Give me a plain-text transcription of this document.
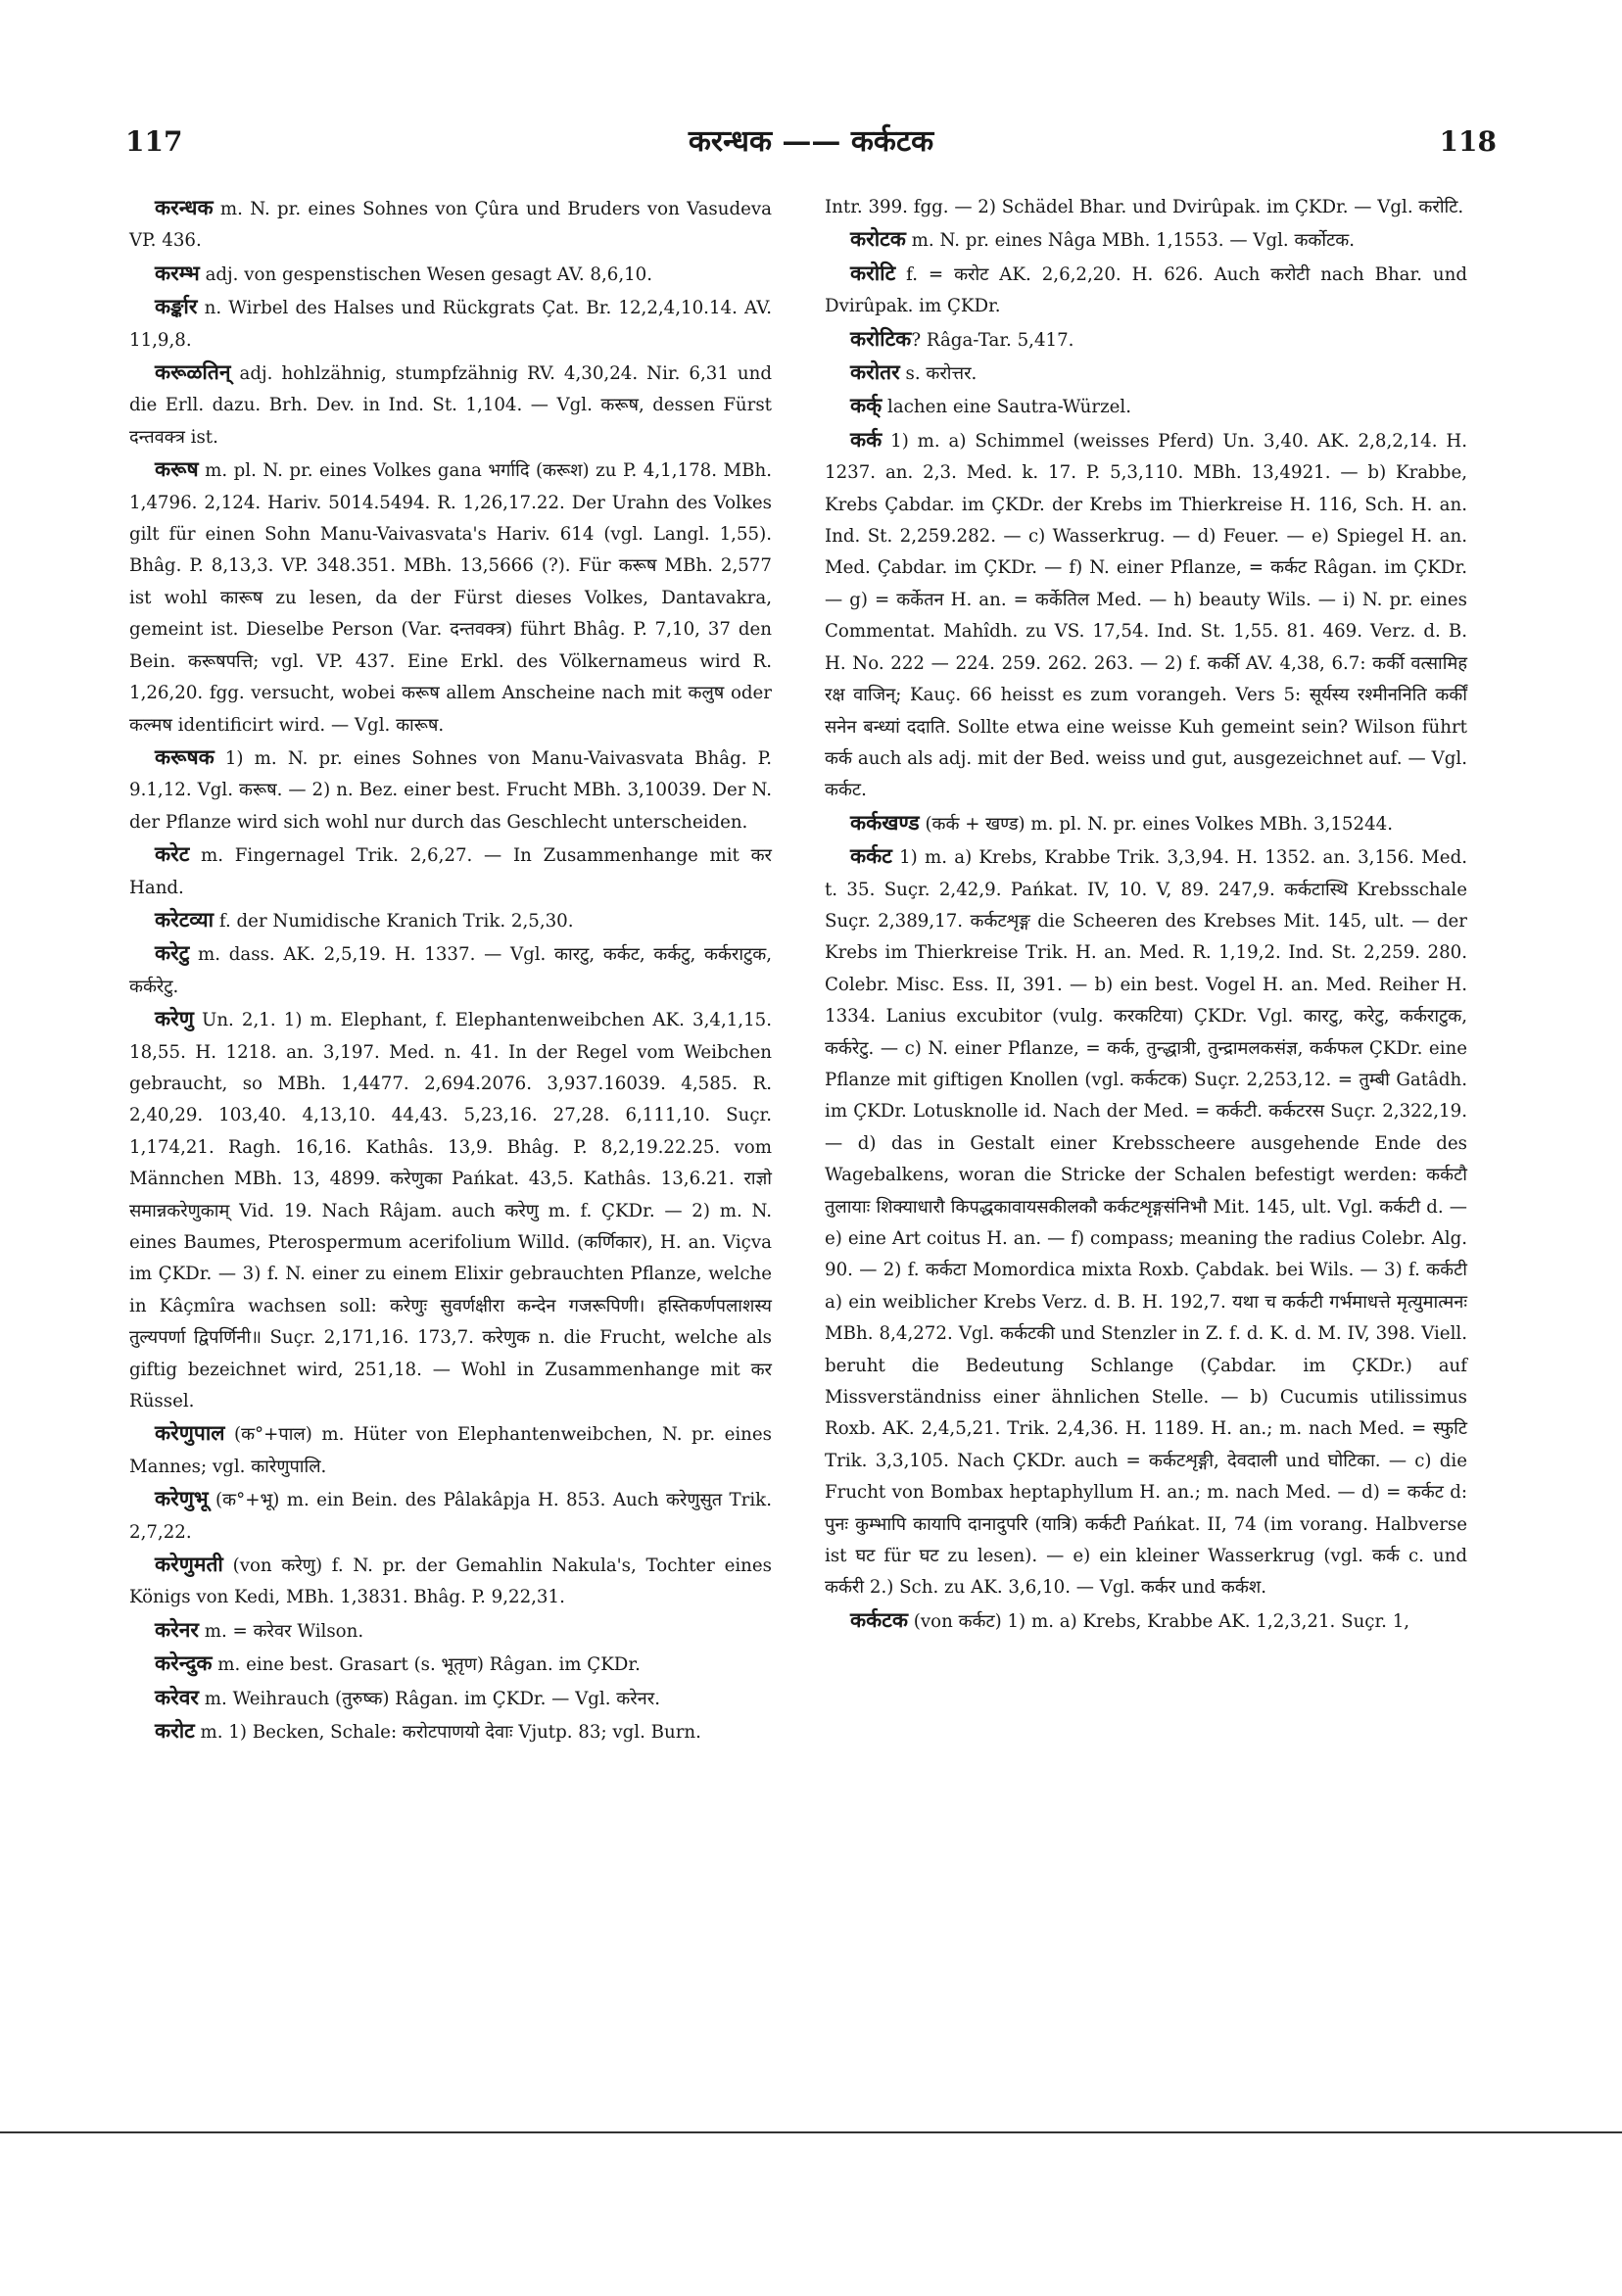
117	करन्धक —— कर्कटक	118

करन्धक m. N. pr. eines Sohnes von Çûra und Bruders von Vasudeva VP. 436.

करम्भ adj. von gespenstischen Wesen gesagt AV. 8,6,10.

कर्ङ्कार n. Wirbel des Halses und Rückgrats Çat. Br. 12,2,4,10.14. AV. 11,9,8.

करूळतिन् adj. hohlzähnig, stumpfzähnig RV. 4,30,24. Nir. 6,31 und die Erll. dazu. Brh. Dev. in Ind. St. 1,104. — Vgl. करूष, dessen Fürst दन्तवक्त्र ist.

करूष m. pl. N. pr. eines Volkes gana भर्गादि (करूश) zu P. 4,1,178. MBh. 1,4796. 2,124. Hariv. 5014.5494. R. 1,26,17.22. Der Urahn des Volkes gilt für einen Sohn Manu-Vaivasvata's Hariv. 614 (vgl. Langl. 1,55). Bhâg. P. 8,13,3. VP. 348.351. MBh. 13,5666 (?). Für करूष MBh. 2,577 ist wohl कारूष zu lesen, da der Fürst dieses Volkes, Dantavakra, gemeint ist. Dieselbe Person (Var. दन्तवक्त्र) führt Bhâg. P. 7,10, 37 den Bein. करूषपत्ति; vgl. VP. 437. Eine Erkl. des Völkernameus wird R. 1,26,20. fgg. versucht, wobei करूष allem Anscheine nach mit कलुष oder कल्मष identificirt wird. — Vgl. कारूष.

करूषक 1) m. N. pr. eines Sohnes von Manu-Vaivasvata Bhâg. P. 9.1,12. Vgl. करूष. — 2) n. Bez. einer best. Frucht MBh. 3,10039. Der N. der Pflanze wird sich wohl nur durch das Geschlecht unterscheiden.

करेट m. Fingernagel Trik. 2,6,27. — In Zusammenhange mit कर Hand.

करेटव्या f. der Numidische Kranich Trik. 2,5,30.

करेटु m. dass. AK. 2,5,19. H. 1337. — Vgl. कारटु, कर्कट, कर्कटु, कर्कराटुक, कर्करेटु.

करेणु Un. 2,1. 1) m. Elephant, f. Elephantenweibchen AK. 3,4,1,15. 18,55. H. 1218. an. 3,197. Med. n. 41. In der Regel vom Weibchen gebraucht, so MBh. 1,4477. 2,694.2076. 3,937.16039. 4,585. R. 2,40,29. 103,40. 4,13,10. 44,43. 5,23,16. 27,28. 6,111,10. Suçr. 1,174,21. Ragh. 16,16. Kathâs. 13,9. Bhâg. P. 8,2,19.22.25. vom Männchen MBh. 13, 4899. करेणुका Pańkat. 43,5. Kathâs. 13,6.21. राज्ञो समान्नकरेणुकाम् Vid. 19. Nach Râjam. auch करेणु m. f. ÇKDr. — 2) m. N. eines Baumes, Pterospermum acerifolium Willd. (कर्णिकार), H. an. Viçva im ÇKDr. — 3) f. N. einer zu einem Elixir gebrauchten Pflanze, welche in Kâçmîra wachsen soll: करेणुः सुवर्णक्षीरा कन्देन गजरूपिणी। हस्तिकर्णपलाशस्य तुल्यपर्णा द्विपर्णिनी॥ Suçr. 2,171,16. 173,7. करेणुक n. die Frucht, welche als giftig bezeichnet wird, 251,18. — Wohl in Zusammenhange mit कर Rüssel.

करेणुपाल (क°+पाल) m. Hüter von Elephantenweibchen, N. pr. eines Mannes; vgl. कारेणुपालि.

करेणुभू (क°+भू) m. ein Bein. des Pâlakâpja H. 853. Auch करेणुसुत Trik. 2,7,22.

करेणुमती (von करेणु) f. N. pr. der Gemahlin Nakula's, Tochter eines Königs von Kedi, MBh. 1,3831. Bhâg. P. 9,22,31.

करेनर m. = करेवर Wilson.

करेन्दुक m. eine best. Grasart (s. भूतृण) Râgan. im ÇKDr.

करेवर m. Weihrauch (तुरुष्क) Râgan. im ÇKDr. — Vgl. करेनर.

करोट m. 1) Becken, Schale: करोटपाणयो देवाः Vjutp. 83; vgl. Burn.

Intr. 399. fgg. — 2) Schädel Bhar. und Dvirûpak. im ÇKDr. — Vgl. करोटि.

करोटक m. N. pr. eines Nâga MBh. 1,1553. — Vgl. कर्कोटक.

करोटि f. = करोट AK. 2,6,2,20. H. 626. Auch करोटी nach Bhar. und Dvirûpak. im ÇKDr.

करोटिक? Râga-Tar. 5,417.

करोतर s. करोत्तर.

कर्क् lachen eine Sautra-Würzel.

कर्क 1) m. a) Schimmel (weisses Pferd) Un. 3,40. AK. 2,8,2,14. H. 1237. an. 2,3. Med. k. 17. P. 5,3,110. MBh. 13,4921. — b) Krabbe, Krebs Çabdar. im ÇKDr. der Krebs im Thierkreise H. 116, Sch. H. an. Ind. St. 2,259.282. — c) Wasserkrug. — d) Feuer. — e) Spiegel H. an. Med. Çabdar. im ÇKDr. — f) N. einer Pflanze, = कर्कट Râgan. im ÇKDr. — g) = कर्केतन H. an. = कर्केतिल Med. — h) beauty Wils. — i) N. pr. eines Commentat. Mahîdh. zu VS. 17,54. Ind. St. 1,55. 81. 469. Verz. d. B. H. No. 222 — 224. 259. 262. 263. — 2) f. कर्की AV. 4,38, 6.7: कर्की वत्सामिह रक्ष वाजिन्; Kauç. 66 heisst es zum vorangeh. Vers 5: सूर्यस्य रश्मीननिति कर्कीं सनेन बन्ध्यां ददाति. Sollte etwa eine weisse Kuh gemeint sein? Wilson führt कर्क auch als adj. mit der Bed. weiss und gut, ausgezeichnet auf. — Vgl. कर्कट.

कर्कखण्ड (कर्क + खण्ड) m. pl. N. pr. eines Volkes MBh. 3,15244.

कर्कट 1) m. a) Krebs, Krabbe Trik. 3,3,94. H. 1352. an. 3,156. Med. t. 35. Suçr. 2,42,9. Pańkat. IV, 10. V, 89. 247,9. कर्कटास्थि Krebsschale Suçr. 2,389,17. कर्कटशृङ्ग die Scheeren des Krebses Mit. 145, ult. — der Krebs im Thierkreise Trik. H. an. Med. R. 1,19,2. Ind. St. 2,259. 280. Colebr. Misc. Ess. II, 391. — b) ein best. Vogel H. an. Med. Reiher H. 1334. Lanius excubitor (vulg. करकटिया) ÇKDr. Vgl. कारटु, करेटु, कर्कराटुक, कर्करेटु. — c) N. einer Pflanze, = कर्क, तुन्द्धात्री, तुन्द्रामलकसंज्ञ, कर्कफल ÇKDr. eine Pflanze mit giftigen Knollen (vgl. कर्कटक) Suçr. 2,253,12. = तुम्बी Gatâdh. im ÇKDr. Lotusknolle id. Nach der Med. = कर्कटी. कर्कटरस Suçr. 2,322,19. — d) das in Gestalt einer Krebsscheere ausgehende Ende des Wagebalkens, woran die Stricke der Schalen befestigt werden: कर्कटौ तुलायाः शिक्याधारौ किपद्धकावायसकीलकौ कर्कटशृङ्गसंनिभौ Mit. 145, ult. Vgl. कर्कटी d. — e) eine Art coitus H. an. — f) compass; meaning the radius Colebr. Alg. 90. — 2) f. कर्कटा Momordica mixta Roxb. Çabdak. bei Wils. — 3) f. कर्कटी a) ein weiblicher Krebs Verz. d. B. H. 192,7. यथा च कर्कटी गर्भमाधत्ते मृत्युमात्मनः MBh. 8,4,272. Vgl. कर्कटकी und Stenzler in Z. f. d. K. d. M. IV, 398. Viell. beruht die Bedeutung Schlange (Çabdar. im ÇKDr.) auf Missverständniss einer ähnlichen Stelle. — b) Cucumis utilissimus Roxb. AK. 2,4,5,21. Trik. 2,4,36. H. 1189. H. an.; m. nach Med. = स्फुटि Trik. 3,3,105. Nach ÇKDr. auch = कर्कटशृङ्गी, देवदाली und घोटिका. — c) die Frucht von Bombax heptaphyllum H. an.; m. nach Med. — d) = कर्कट d: पुनः कुम्भापि कायापि दानादुपरि (यात्रि) कर्कटी Pańkat. II, 74 (im vorang. Halbverse ist घट für घट zu lesen). — e) ein kleiner Wasserkrug (vgl. कर्क c. und कर्करी 2.) Sch. zu AK. 3,6,10. — Vgl. कर्कर und कर्कश.

कर्कटक (von कर्कट) 1) m. a) Krebs, Krabbe AK. 1,2,3,21. Suçr. 1,
